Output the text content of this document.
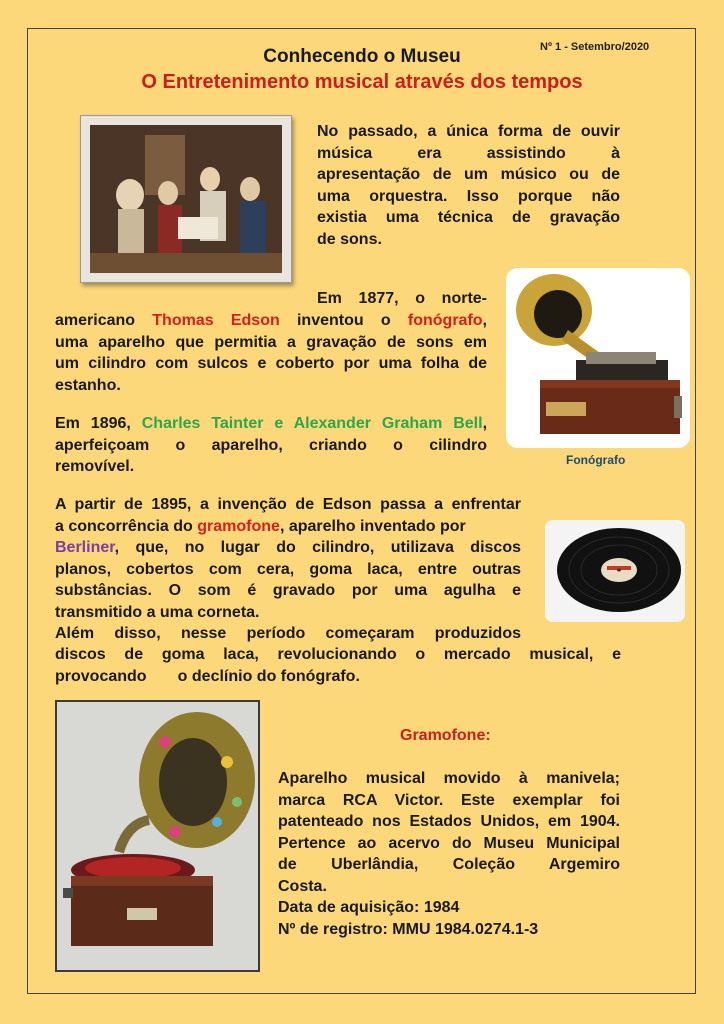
Nº 1 - Setembro/2020
Conhecendo o Museu
O Entretenimento musical através dos tempos
No passado, a única forma de ouvir
música era assistindo à
apresentação de um músico ou de
uma orquestra. Isso porque não
existia uma técnica de gravação
de sons.
Em 1877, o norte-
americano Thomas Edson inventou o fonógrafo,
uma aparelho que permitia a gravação de sons em
um cilindro com sulcos e coberto por uma folha de
estanho.
Em 1896, Charles Tainter e Alexander Graham Bell,
aperfeiçoam o aparelho, criando o cilindro
removível.	Fonógrafo
A partir de 1895, a invenção de Edson passa a enfrentar
a concorrência do gramofone, aparelho inventado por
Berliner, que, no lugar do cilindro, utilizava discos
planos, cobertos com cera, goma laca, entre outras
substâncias. O som é gravado por uma agulha e
transmitido a uma corneta.
Além disso, nesse período começaram produzidos
discos de goma laca, revolucionando o mercado musical, e
provocando       o declínio do fonógrafo.
Gramofone:
Aparelho musical movido à manivela;
marca RCA Victor. Este exemplar foi
patenteado nos Estados Unidos, em 1904.
Pertence ao acervo do Museu Municipal
de Uberlândia, Coleção Argemiro
Costa.
Data de aquisição: 1984
Nº de registro: MMU 1984.0274.1-3
